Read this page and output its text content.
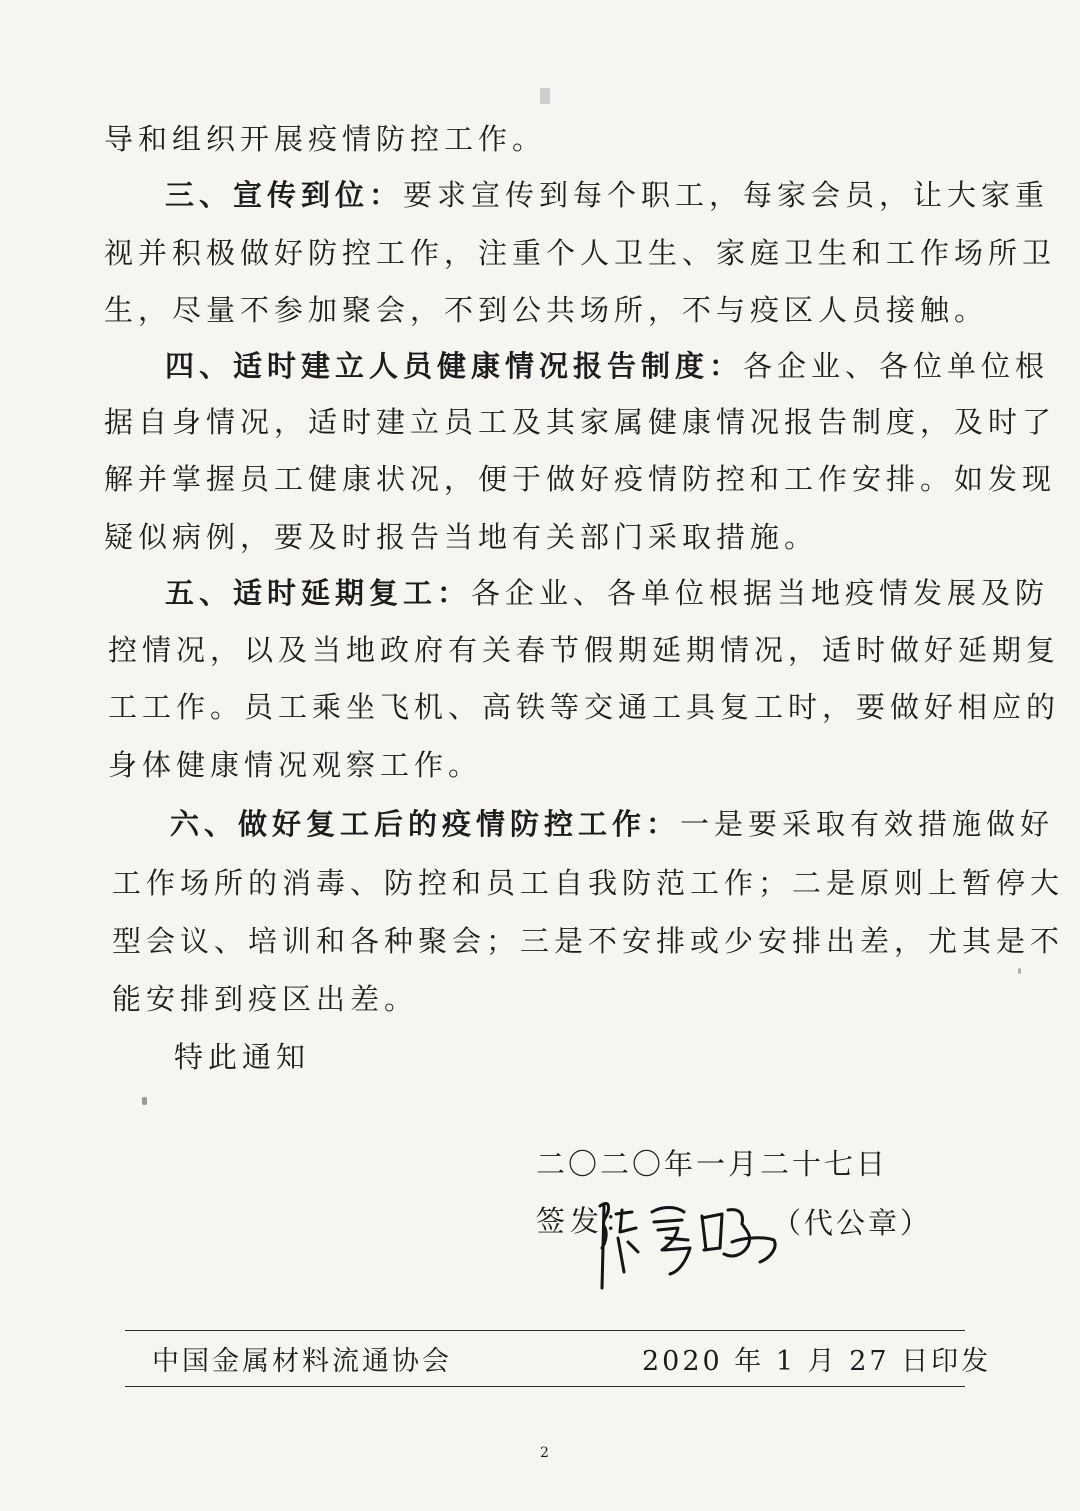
导和组织开展疫情防控工作。
三、宣传到位：要求宣传到每个职工，每家会员，让大家重
视并积极做好防控工作，注重个人卫生、家庭卫生和工作场所卫
生，尽量不参加聚会，不到公共场所，不与疫区人员接触。
四、适时建立人员健康情况报告制度：各企业、各位单位根
据自身情况，适时建立员工及其家属健康情况报告制度，及时了
解并掌握员工健康状况，便于做好疫情防控和工作安排。如发现
疑似病例，要及时报告当地有关部门采取措施。
五、适时延期复工：各企业、各单位根据当地疫情发展及防
控情况，以及当地政府有关春节假期延期情况，适时做好延期复
工工作。员工乘坐飞机、高铁等交通工具复工时，要做好相应的
身体健康情况观察工作。
六、做好复工后的疫情防控工作：一是要采取有效措施做好
工作场所的消毒、防控和员工自我防范工作；二是原则上暂停大
型会议、培训和各种聚会；三是不安排或少安排出差，尤其是不
能安排到疫区出差。
特此通知
二〇二〇年一月二十七日
签发：	（代公章）
中国金属材料流通协会	2020 年 1 月 27 日印发
2
